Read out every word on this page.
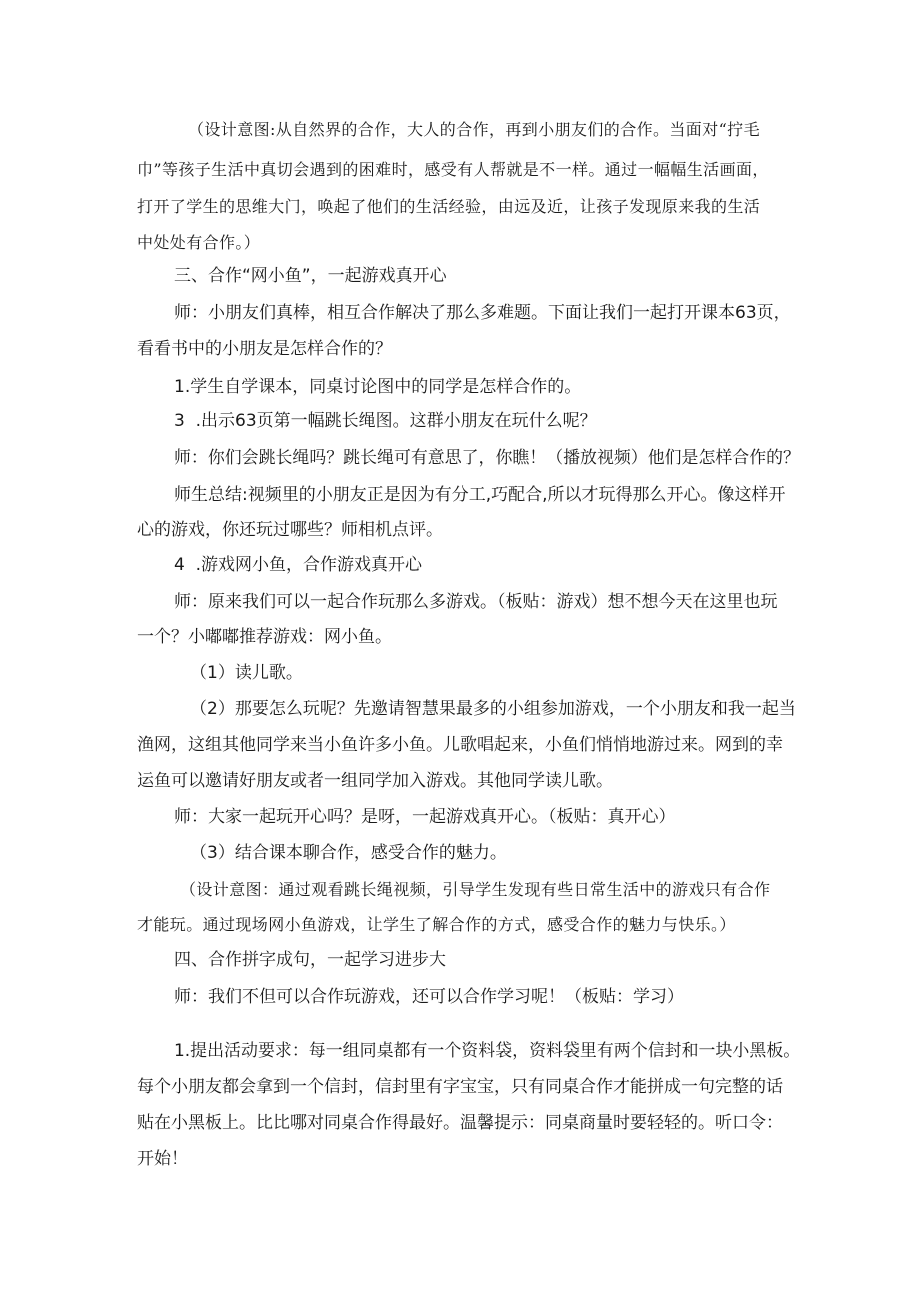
（设计意图:从自然界的合作，大人的合作，再到小朋友们的合作。当面对“拧毛
巾”等孩子生活中真切会遇到的困难时，感受有人帮就是不一样。通过一幅幅生活画面，
打开了学生的思维大门，唤起了他们的生活经验，由远及近，让孩子发现原来我的生活
中处处有合作。）
三、合作“网小鱼”，一起游戏真开心
师：小朋友们真棒，相互合作解决了那么多难题。下面让我们一起打开课本63页，
看看书中的小朋友是怎样合作的？
1.学生自学课本，同桌讨论图中的同学是怎样合作的。
3  .出示63页第一幅跳长绳图。这群小朋友在玩什么呢？
师：你们会跳长绳吗？跳长绳可有意思了，你瞧！（播放视频）他们是怎样合作的？
师生总结:视频里的小朋友正是因为有分工,巧配合,所以才玩得那么开心。像这样开
心的游戏，你还玩过哪些？师相机点评。
4  .游戏网小鱼，合作游戏真开心
师：原来我们可以一起合作玩那么多游戏。（板贴：游戏）想不想今天在这里也玩
一个？小嘟嘟推荐游戏：网小鱼。
（1）读儿歌。
（2）那要怎么玩呢？先邀请智慧果最多的小组参加游戏，一个小朋友和我一起当
渔网，这组其他同学来当小鱼许多小鱼。儿歌唱起来，小鱼们悄悄地游过来。网到的幸
运鱼可以邀请好朋友或者一组同学加入游戏。其他同学读儿歌。
师：大家一起玩开心吗？是呀，一起游戏真开心。（板贴：真开心）
（3）结合课本聊合作，感受合作的魅力。
（设计意图：通过观看跳长绳视频，引导学生发现有些日常生活中的游戏只有合作
才能玩。通过现场网小鱼游戏，让学生了解合作的方式，感受合作的魅力与快乐。）
四、合作拼字成句，一起学习进步大
师：我们不但可以合作玩游戏，还可以合作学习呢！（板贴：学习）
1.提出活动要求：每一组同桌都有一个资料袋，资料袋里有两个信封和一块小黑板。
每个小朋友都会拿到一个信封，信封里有字宝宝，只有同桌合作才能拼成一句完整的话
贴在小黑板上。比比哪对同桌合作得最好。温馨提示：同桌商量时要轻轻的。听口令：
开始！
